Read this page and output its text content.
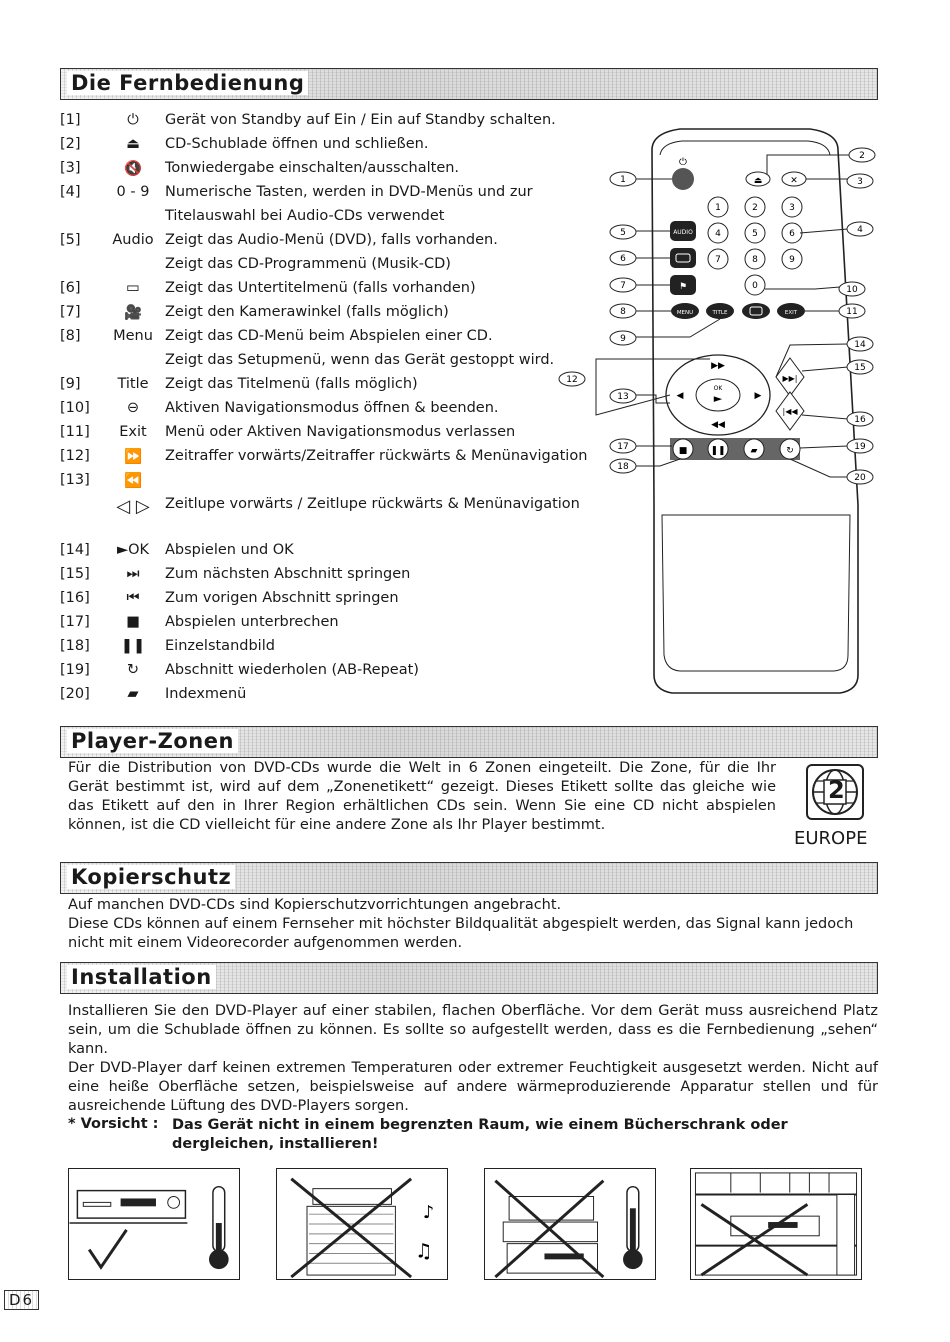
Die Fernbedienung
[1]	⏻	Gerät von Standby auf Ein / Ein auf Standby schalten.
[2]	⏏	CD-Schublade öffnen und schließen.
[3]	🔇	Tonwiedergabe einschalten/ausschalten.
[4]	0 - 9	Numerische Tasten, werden in DVD-Menüs und zur
Titelauswahl bei Audio-CDs verwendet
[5]	Audio Zeigt das Audio-Menü (DVD), falls vorhanden.
Zeigt das CD-Programmenü (Musik-CD)
[6]	▭	Zeigt das Untertitelmenü (falls vorhanden)
[7]	🎥	Zeigt den Kamerawinkel (falls möglich)
[8]	Menu Zeigt das CD-Menü beim Abspielen einer CD.
Zeigt das Setupmenü, wenn das Gerät gestoppt wird.
[9]	Title	Zeigt das Titelmenü (falls möglich)
[10]	⊖	Aktiven Navigationsmodus öffnen & beenden.
[11]	Exit	Menü oder Aktiven Navigationsmodus verlassen
[12]	⏩	Zeitraffer vorwärts/Zeitraffer rückwärts & Menünavigation
[13]	⏪
◁ ▷	Zeitlupe vorwärts / Zeitlupe rückwärts & Menünavigation
[14]	►OK	Abspielen und OK
[15]	⏭	Zum nächsten Abschnitt springen
[16]	⏮	Zum vorigen Abschnitt springen
[17]	■	Abspielen unterbrechen
[18]	❚❚	Einzelstandbild
[19]	↻	Abschnitt wiederholen (AB-Repeat)
[20]	▰	Indexmenü
⏻
⏏	✕
AUDIO
⚑
1	2	3
4	5	6
7	8	9
0
MENU	TITLE	EXIT
OK
►
▶▶
◀◀
◀	▶
▶▶|
|◀◀
■	❚❚	▰	↻
1
2
3
4
5
6
7
8
9
10
11
12
13
14
15
16
17
18
19
20
Player-Zonen

Für die Distribution von DVD-CDs wurde die Welt in 6 Zonen eingeteilt. Die Zone, für die Ihr Gerät bestimmt ist, wird auf dem „Zonenetikett“ gezeigt. Dieses Etikett sollte das gleiche wie das Etikett auf den in Ihrer Region erhältlichen CDs sein. Wenn Sie eine CD nicht abspielen können, ist die CD vielleicht für eine andere Zone als Ihr Player bestimmt.

2
EUROPE
Kopierschutz

Auf manchen DVD-CDs sind Kopierschutzvorrichtungen angebracht.

Diese CDs können auf einem Fernseher mit höchster Bildqualität abgespielt werden, das Signal kann jedoch nicht mit einem Videorecorder aufgenommen werden.

Installation

Installieren Sie den DVD-Player auf einer stabilen, flachen Oberfläche. Vor dem Gerät muss ausreichend Platz sein, um die Schublade öffnen zu können. Es sollte so aufgestellt werden, dass es die Fernbedienung „sehen“ kann.

Der DVD-Player darf keinen extremen Temperaturen oder extremer Feuchtigkeit ausgesetzt werden. Nicht auf eine heiße Oberfläche setzen, beispielsweise auf andere wärmeproduzierende Apparatur stellen und für ausreichende Lüftung des DVD-Players sorgen.

* Vorsicht : Das Gerät nicht in einem begrenzten Raum, wie einem Bücherschrank oder dergleichen, installieren!

♪
♫
D6
